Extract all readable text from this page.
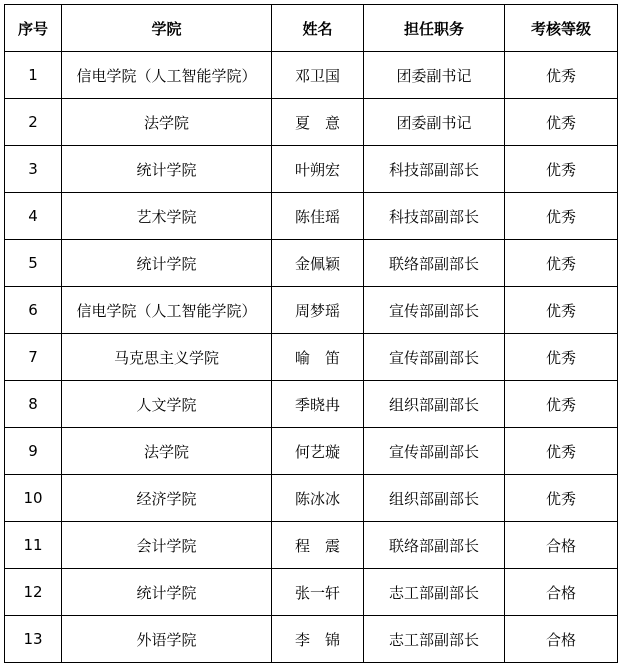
序号	学院	姓名	担任职务	考核等级
1	信电学院（人工智能学院）	邓卫国	团委副书记	优秀
2	法学院	夏　意	团委副书记	优秀
3	统计学院	叶朔宏	科技部副部长	优秀
4	艺术学院	陈佳瑶	科技部副部长	优秀
5	统计学院	金佩颖	联络部副部长	优秀
6	信电学院（人工智能学院）	周梦瑶	宣传部副部长	优秀
7	马克思主义学院	喻　笛	宣传部副部长	优秀
8	人文学院	季晓冉	组织部副部长	优秀
9	法学院	何艺璇	宣传部副部长	优秀
10	经济学院	陈冰冰	组织部副部长	优秀
11	会计学院	程　震	联络部副部长	合格
12	统计学院	张一轩	志工部副部长	合格
13	外语学院	李　锦	志工部副部长	合格
